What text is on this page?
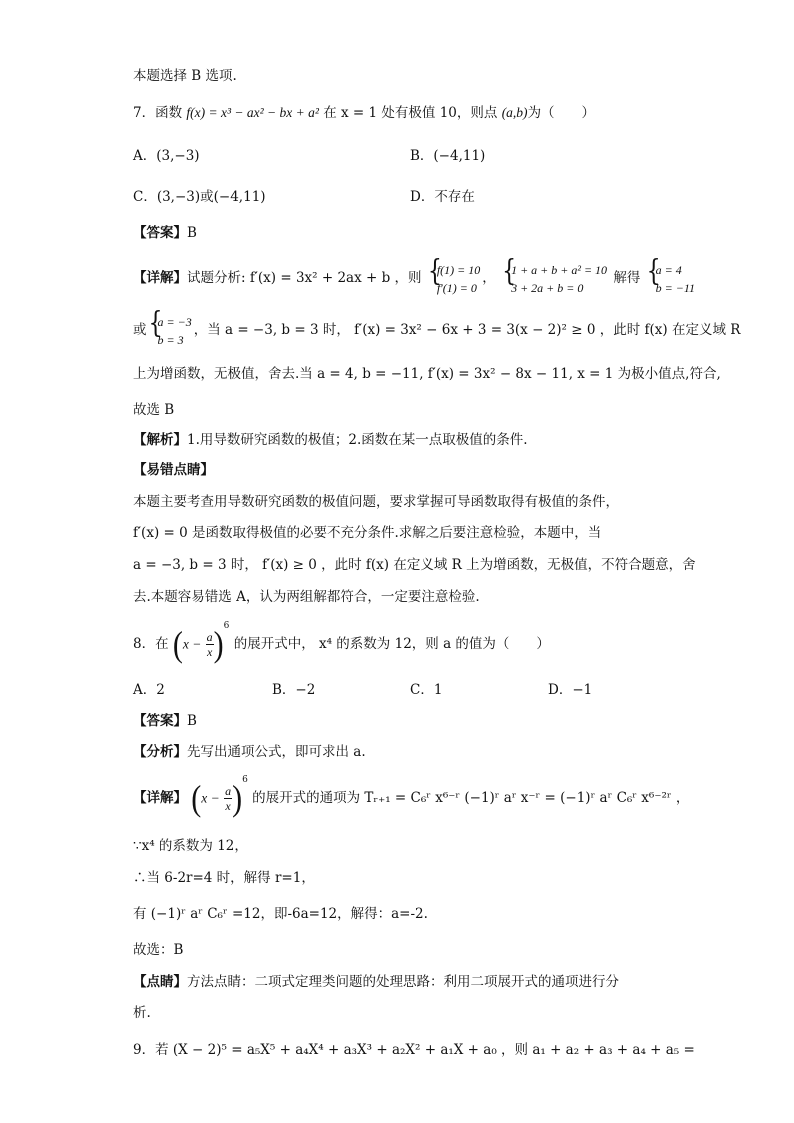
本题选择 B 选项.
7．函数 f(x) = x³ − ax² − bx + a² 在 x = 1 处有极值 10，则点 (a,b)为（　　）
A．(3,−3)	B．(−4,11)
C．(3,−3)或(−4,11)	D．不存在
【答案】B
【详解】试题分析: f′(x) = 3x² + 2ax + b ，则 {
f(1) = 10
f′(1) = 0
， {
1 + a + b + a² = 10
3 + 2a + b = 0
解得 {
a = 4
b = −11
或 {
a = −3
b = 3
，当 a = −3, b = 3 时， f′(x) = 3x² − 6x + 3 = 3(x − 2)² ≥ 0 ，此时 f(x) 在定义域 R
上为增函数，无极值，舍去.当 a = 4, b = −11, f′(x) = 3x² − 8x − 11, x = 1 为极小值点,符合,
故选 B
【解析】1.用导数研究函数的极值；2.函数在某一点取极值的条件.
【易错点睛】
本题主要考查用导数研究函数的极值问题，要求掌握可导函数取得有极值的条件，
f′(x) = 0 是函数取得极值的必要不充分条件.求解之后要注意检验，本题中，当
a = −3, b = 3 时， f′(x) ≥ 0 ，此时 f(x) 在定义域 R 上为增函数，无极值，不符合题意，舍
去.本题容易错选 A，认为两组解都符合，一定要注意检验.
8．在 $(x - \frac{a}{x} )^6$ 的展开式中， x⁴ 的系数为 12，则 a 的值为（　　）
A．2	B．−2	C．1	D．−1
【答案】B
【分析】先写出通项公式，即可求出 a.
【详解】 $(x - \frac{a}{x} )^6$ 的展开式的通项为 Tᵣ₊₁ = C₆ʳ x⁶⁻ʳ (−1)ʳ aʳ x⁻ʳ = (−1)ʳ aʳ C₆ʳ x⁶⁻²ʳ ，
∵x⁴ 的系数为 12，
∴当 6-2r=4 时，解得 r=1，
有 (−1)ʳ aʳ C₆ʳ =12，即-6a=12，解得：a=-2.
故选：B
【点睛】方法点睛：二项式定理类问题的处理思路：利用二项展开式的通项进行分
析.
9．若 (X − 2)⁵ = a₅X⁵ + a₄X⁴ + a₃X³ + a₂X² + a₁X + a₀ ，则 a₁ + a₂ + a₃ + a₄ + a₅ =
